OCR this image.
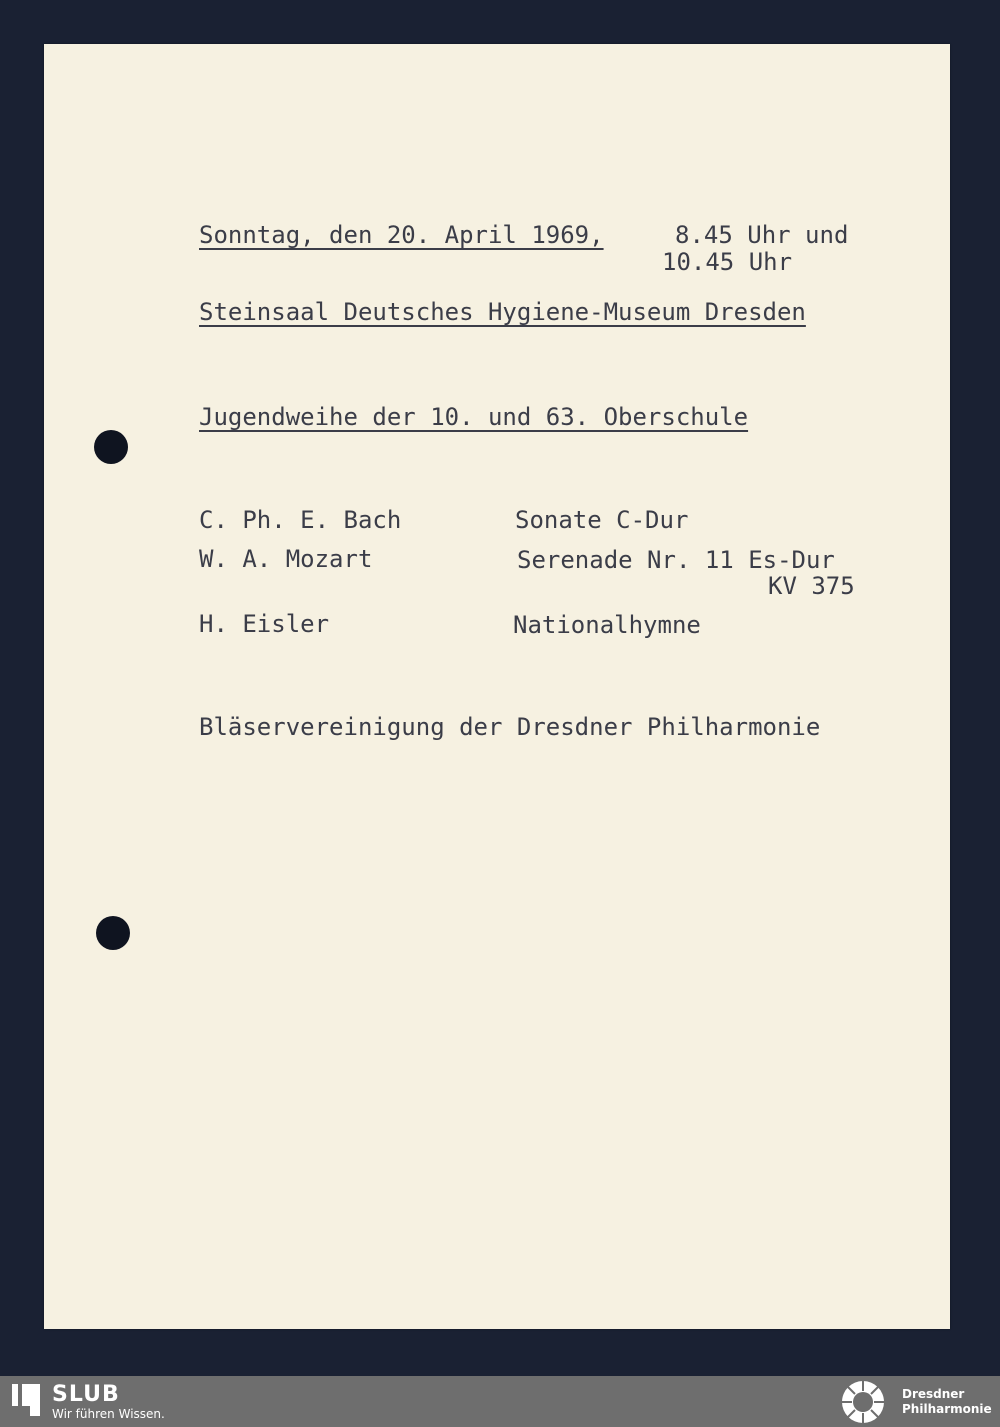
Sonntag, den 20. April 1969,	8.45 Uhr und
10.45 Uhr
Steinsaal Deutsches Hygiene-Museum Dresden
Jugendweihe der 10. und 63. Oberschule
C. Ph. E. Bach	Sonate C-Dur
W. A. Mozart	Serenade Nr. 11 Es-Dur
KV 375
H. Eisler	Nationalhymne
Bläservereinigung der Dresdner Philharmonie
SLUB
Wir führen Wissen.
Dresdner
Philharmonie
